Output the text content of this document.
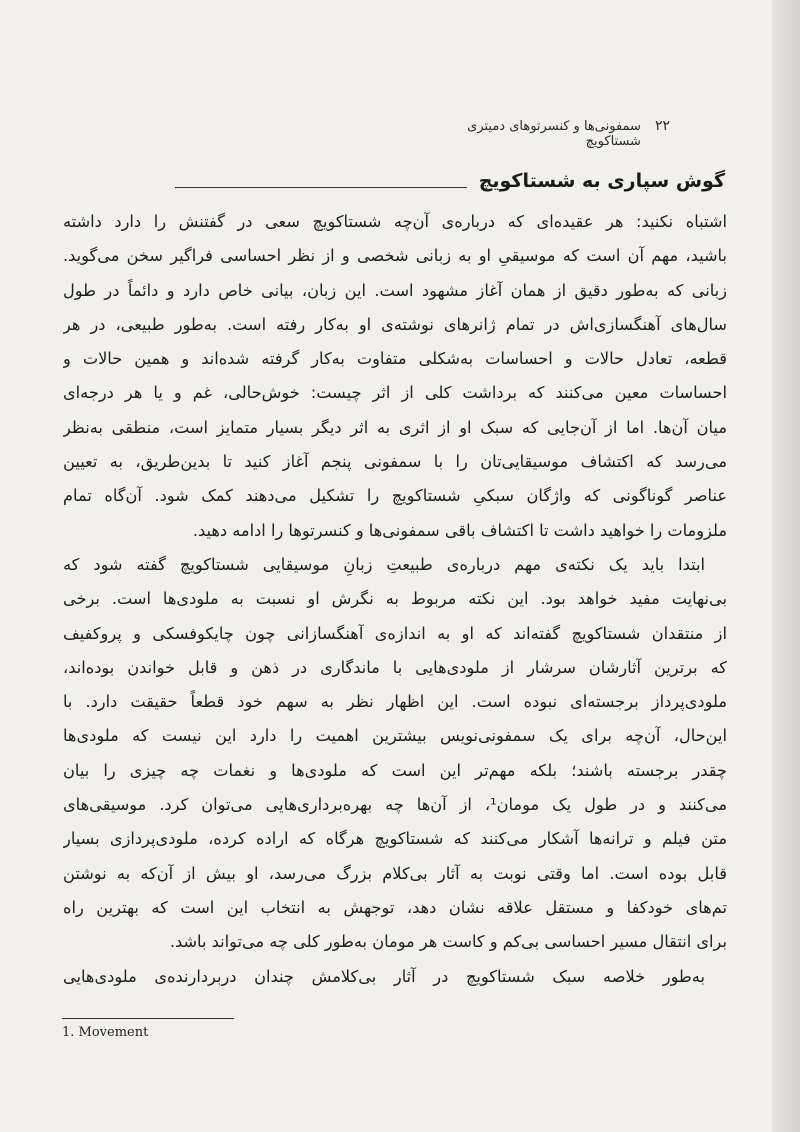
۲۲
سمفونی‌ها و کنسرتوهای دمیتری شستاکویچ
گوش سپاری به شستاکویچ
اشتباه نکنید: هر عقیده‌ای که درباره‌ی آن‌چه شستاکویچ سعی در گفتنش را دارد داشته
باشید، مهم آن است که موسیقیِ او به زبانی شخصی و از نظر احساسی فراگیر سخن می‌گوید.
زبانی که به‌طور دقیق از همان آغاز مشهود است. این زبان، بیانی خاص دارد و دائماً در طول
سال‌های آهنگسازی‌اش در تمام ژانرهای نوشته‌ی او به‌کار رفته است. به‌طور طبیعی، در هر
قطعه، تعادل حالات و احساسات به‌شکلی متفاوت به‌کار گرفته شده‌اند و همین حالات و
احساسات معین می‌کنند که برداشت کلی از اثر چیست: خوش‌حالی، غم و یا هر درجه‌ای
میان آن‌ها. اما از آن‌جایی که سبک او از اثری به اثر دیگر بسیار متمایز است، منطقی به‌نظر
می‌رسد که اکتشاف موسیقایی‌تان را با سمفونی پنجم آغاز کنید تا بدین‌طریق، به تعیین
عناصر گوناگونی که واژگان سبکیِ شستاکویچ را تشکیل می‌دهند کمک شود. آن‌گاه تمام
ملزومات را خواهید داشت تا اکتشاف باقی سمفونی‌ها و کنسرتوها را ادامه دهید.
ابتدا باید یک نکته‌ی مهم درباره‌ی طبیعتِ زبانِ موسیقایی شستاکویچ گفته شود که
بی‌نهایت مفید خواهد بود. این نکته مربوط به نگرش او نسبت به ملودی‌ها است. برخی
از منتقدان شستاکویچ گفته‌اند که او به اندازه‌ی آهنگسازانی چون چایکوفسکی و پروکفیف
که برترین آثارشان سرشار از ملودی‌هایی با ماندگاری در ذهن و قابل خواندن بوده‌اند،
ملودی‌پرداز برجسته‌ای نبوده است. این اظهار نظر به سهم خود قطعاً حقیقت دارد. با
این‌حال، آن‌چه برای یک سمفونی‌نویس بیشترین اهمیت را دارد این نیست که ملودی‌ها
چقدر برجسته باشند؛ بلکه مهم‌تر این است که ملودی‌ها و نغمات چه چیزی را بیان
می‌کنند و در طول یک مومان¹، از آن‌ها چه بهره‌برداری‌هایی می‌توان کرد. موسیقی‌های
متن فیلم و ترانه‌ها آشکار می‌کنند که شستاکویچ هرگاه که اراده کرده، ملودی‌پردازی بسیار
قابل بوده است. اما وقتی نوبت به آثار بی‌کلام بزرگ می‌رسد، او بیش از آن‌که به نوشتن
تم‌های خودکفا و مستقل علاقه نشان دهد، توجهش به انتخاب این است که بهترین راه
برای انتقال مسیر احساسی بی‌کم و کاست هر مومان به‌طور کلی چه می‌تواند باشد.
به‌طور خلاصه سبک شستاکویچ در آثار بی‌کلامش چندان دربردارنده‌ی ملودی‌هایی
1. Movement
